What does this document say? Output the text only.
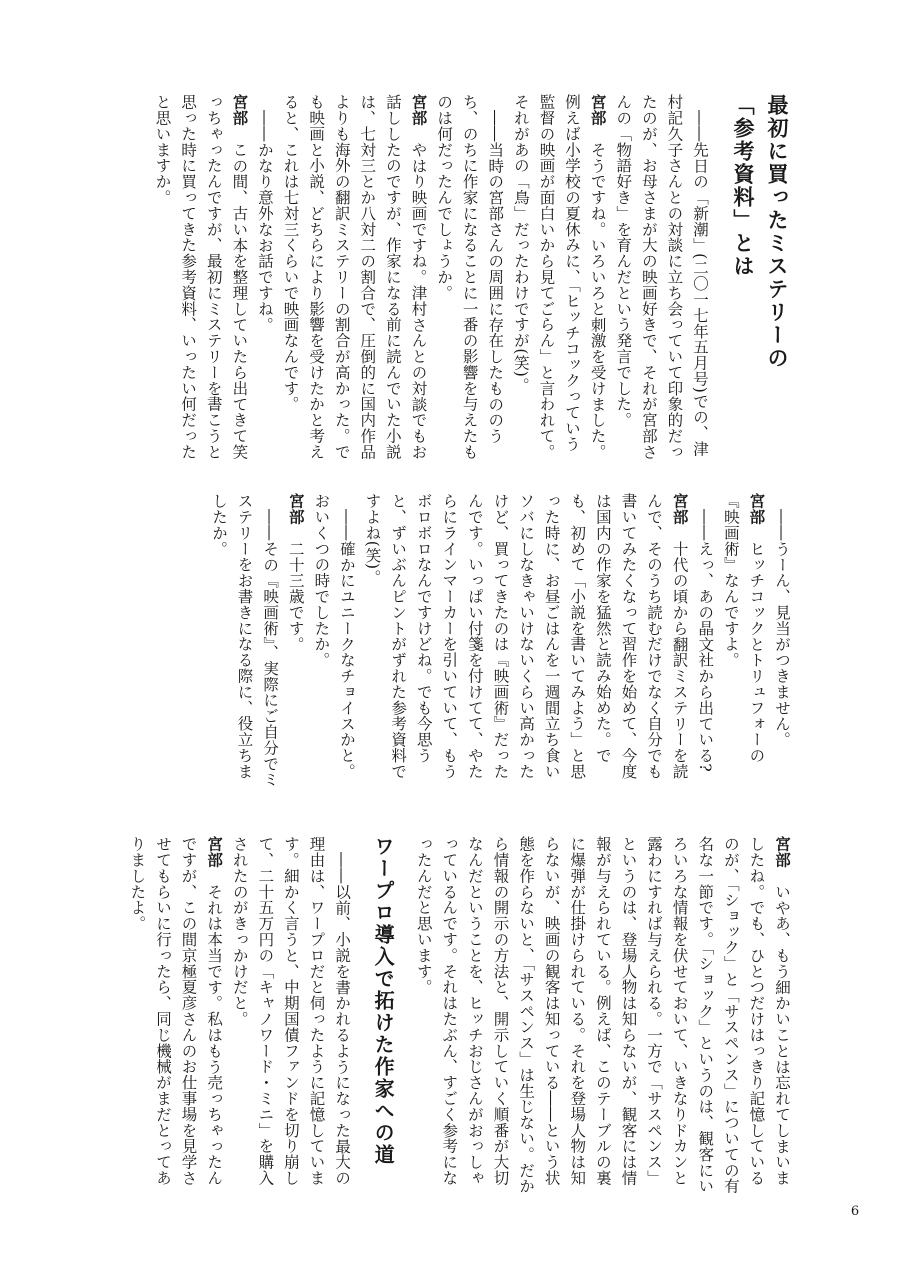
最初に買ったミステリーの
「参考資料」とは

――先日の「新潮」(二〇一七年五月号)での、津村記久子さんとの対談に立ち会っていて印象的だったのが、お母さまが大の映画好きで、それが宮部さんの「物語好き」を育んだという発言でした。

宮部　そうですね。いろいろと刺激を受けました。例えば小学校の夏休みに、「ヒッチコックっていう監督の映画が面白いから見てごらん」と言われて。それがあの「鳥」だったわけですが(笑)。

――当時の宮部さんの周囲に存在したもののうち、のちに作家になることに一番の影響を与えたものは何だったんでしょうか。

宮部　やはり映画ですね。津村さんとの対談でもお話ししたのですが、作家になる前に読んでいた小説は、七対三とか八対二の割合で、圧倒的に国内作品よりも海外の翻訳ミステリーの割合が高かった。でも映画と小説、どちらにより影響を受けたかと考えると、これは七対三くらいで映画なんです。

――かなり意外なお話ですね。

宮部　この間、古い本を整理していたら出てきて笑っちゃったんですが、最初にミステリーを書こうと思った時に買ってきた参考資料、いったい何だったと思いますか。

――うーん、見当がつきません。

宮部　ヒッチコックとトリュフォーの『映画術』なんですよ。

――えっ、あの晶文社から出ている?

宮部　十代の頃から翻訳ミステリーを読んで、そのうち読むだけでなく自分でも書いてみたくなって習作を始めて、今度は国内の作家を猛然と読み始めた。でも、初めて「小説を書いてみよう」と思った時に、お昼ごはんを一週間立ち食いソバにしなきゃいけないくらい高かったけど、買ってきたのは『映画術』だったんです。いっぱい付箋を付けてて、やたらにラインマーカーを引いていて、もうボロボロなんですけどね。でも今思うと、ずいぶんピントがずれた参考資料ですよね(笑)。

――確かにユニークなチョイスかと。おいくつの時でしたか。

宮部　二十三歳です。

――その『映画術』、実際にご自分でミステリーをお書きになる際に、役立ちましたか。

宮部　いやあ、もう細かいことは忘れてしまいましたね。でも、ひとつだけはっきり記憶しているのが、「ショック」と「サスペンス」についての有名な一節です。「ショック」というのは、観客にいろいろな情報を伏せておいて、いきなりドカンと露わにすれば与えられる。一方で「サスペンス」というのは、登場人物は知らないが、観客には情報が与えられている。例えば、このテーブルの裏に爆弾が仕掛けられている。それを登場人物は知らないが、映画の観客は知っている――という状態を作らないと、「サスペンス」は生じない。だから情報の開示の方法と、開示していく順番が大切なんだということを、ヒッチおじさんがおっしゃっているんです。それはたぶん、すごく参考になったんだと思います。

ワープロ導入で拓けた作家への道

――以前、小説を書かれるようになった最大の理由は、ワープロだと伺ったように記憶しています。細かく言うと、中期国債ファンドを切り崩して、二十五万円の「キャノワード・ミニ」を購入されたのがきっかけだと。

宮部　それは本当です。私はもう売っちゃったんですが、この間京極夏彦さんのお仕事場を見学させてもらいに行ったら、同じ機械がまだとってありましたよ。

6
